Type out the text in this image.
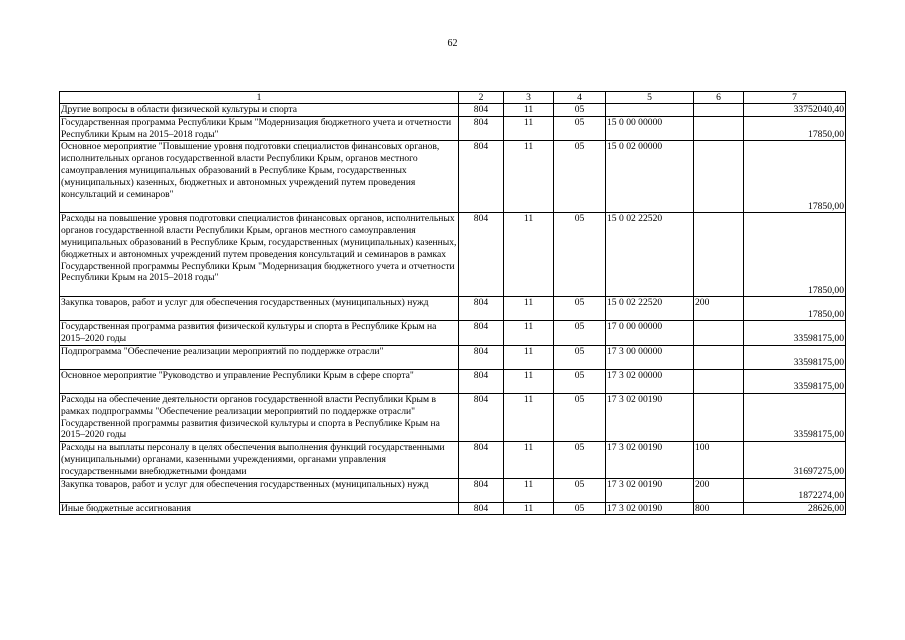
62
1	2	3	4	5	6	7
Другие вопросы в области физической культуры и спорта	804	11	05			33752040,40
Государственная программа Республики Крым "Модернизация бюджетного учета и отчетности Республики Крым на 2015–2018 годы"	804	11	05	15 0 00 00000		17850,00
Основное мероприятие "Повышение уровня подготовки специалистов финансовых органов, исполнительных органов государственной власти Республики Крым, органов местного самоуправления муниципальных образований в Республике Крым, государственных (муниципальных) казенных, бюджетных и автономных учреждений путем проведения консультаций и семинаров"	804	11	05	15 0 02 00000		17850,00
Расходы на повышение уровня подготовки специалистов финансовых органов, исполнительных органов государственной власти Республики Крым, органов местного самоуправления муниципальных образований в Республике Крым, государственных (муниципальных) казенных, бюджетных и автономных учреждений путем проведения консультаций и семинаров в рамках Государственной программы Республики Крым "Модернизация бюджетного учета и отчетности Республики Крым на 2015–2018 годы"	804	11	05	15 0 02 22520		17850,00
Закупка товаров, работ и услуг для обеспечения государственных (муниципальных) нужд	804	11	05	15 0 02 22520	200	17850,00
Государственная программа развития физической культуры и спорта в Республике Крым на 2015–2020 годы	804	11	05	17 0 00 00000		33598175,00
Подпрограмма "Обеспечение реализации мероприятий по поддержке отрасли"	804	11	05	17 3 00 00000		33598175,00
Основное мероприятие "Руководство и управление Республики Крым в сфере спорта"	804	11	05	17 3 02 00000		33598175,00
Расходы на обеспечение деятельности органов государственной власти Республики Крым в рамках подпрограммы "Обеспечение реализации мероприятий по поддержке отрасли" Государственной программы развития физической культуры и спорта в Республике Крым на 2015–2020 годы	804	11	05	17 3 02 00190		33598175,00
Расходы на выплаты персоналу в целях обеспечения выполнения функций государственными (муниципальными) органами, казенными учреждениями, органами управления государственными внебюджетными фондами	804	11	05	17 3 02 00190	100	31697275,00
Закупка товаров, работ и услуг для обеспечения государственных (муниципальных) нужд	804	11	05	17 3 02 00190	200	1872274,00
Иные бюджетные ассигнования	804	11	05	17 3 02 00190	800	28626,00
